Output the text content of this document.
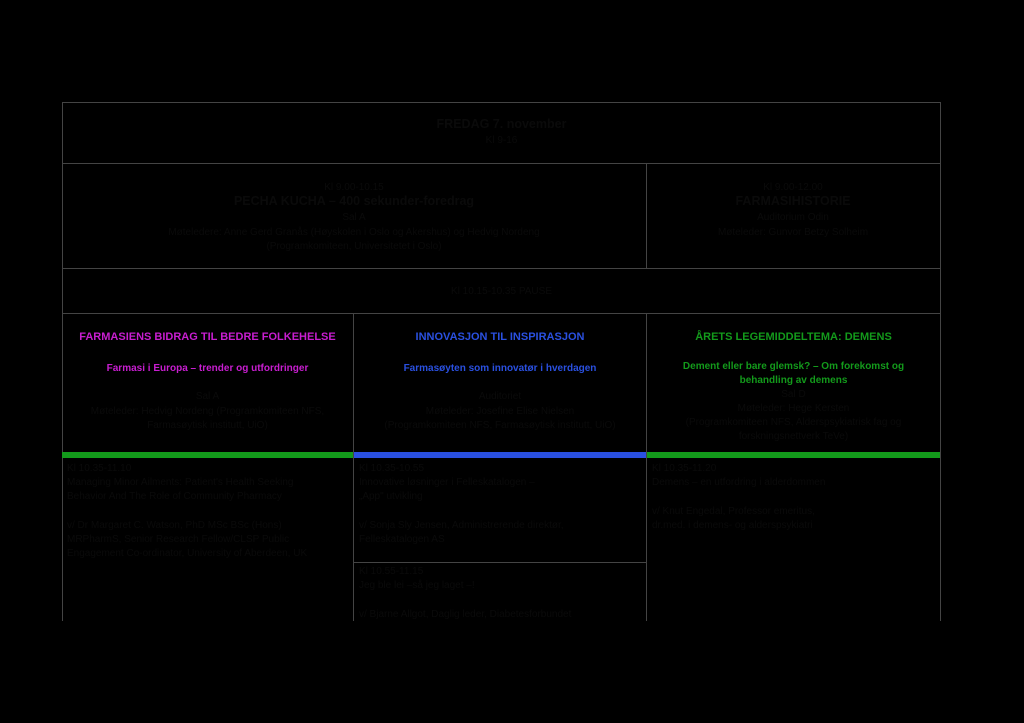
FREDAG 7. november
Kl 9-16
Kl 9.00-10.15
PECHA KUCHA – 400 sekunder-foredrag
Sal A
Møteledere: Anne Gerd Granås (Høyskolen i Oslo og Akershus) og Hedvig Nordeng
(Programkomiteen, Universitetet i Oslo)
Kl 9.00-12.00
FARMASIHISTORIE
Auditorium Odin
Møteleder: Gunvor Betzy Solheim
Kl 10.15-10.35 PAUSE
FARMASIENS BIDRAG TIL BEDRE FOLKEHELSE
Farmasi i Europa – trender og utfordringer
Sal A
Møteleder: Hedvig Nordeng (Programkomiteen NFS,
Farmasøytisk institutt, UiO)
INNOVASJON TIL INSPIRASJON
Farmasøyten som innovatør i hverdagen
Auditoriet
Møteleder: Josefine Elise Nielsen
(Programkomiteen NFS, Farmasøytisk institutt, UiO)
ÅRETS LEGEMIDDELTEMA: DEMENS
Dement eller bare glemsk? – Om forekomst og
behandling av demens
Sal D
Møteleder: Hege Kersten
(Programkomiteen NFS, Alderspsykiatrisk fag og
forskningsnettverk TeVe)
Kl 10.35-11.10
Managing Minor Ailments: Patient's Health Seeking
Behavior And The Role of Community Pharmacy
v/ Dr Margaret C. Watson, PhD MSc BSc (Hons)
MRPharmS, Senior Research Fellow/CLSP Public
Engagement Co-ordinator, University of Aberdeen, UK
Kl 10.35-10.55
Innovative løsninger i Felleskatalogen –
„App" utvikling
v/ Sonja Sly Jensen, Administrerende direktør,
Felleskatalogen AS
Kl 10.55-11.15
Jeg ble lei –så jeg laget –!
v/ Bjarne Allgot, Daglig leder, Diabetesforbundet
Kl 10.35-11.20
Demens – en utfordring i alderdommen
v/ Knut Engedal, Professor emeritus,
dr.med. i demens- og alderspsykiatri
